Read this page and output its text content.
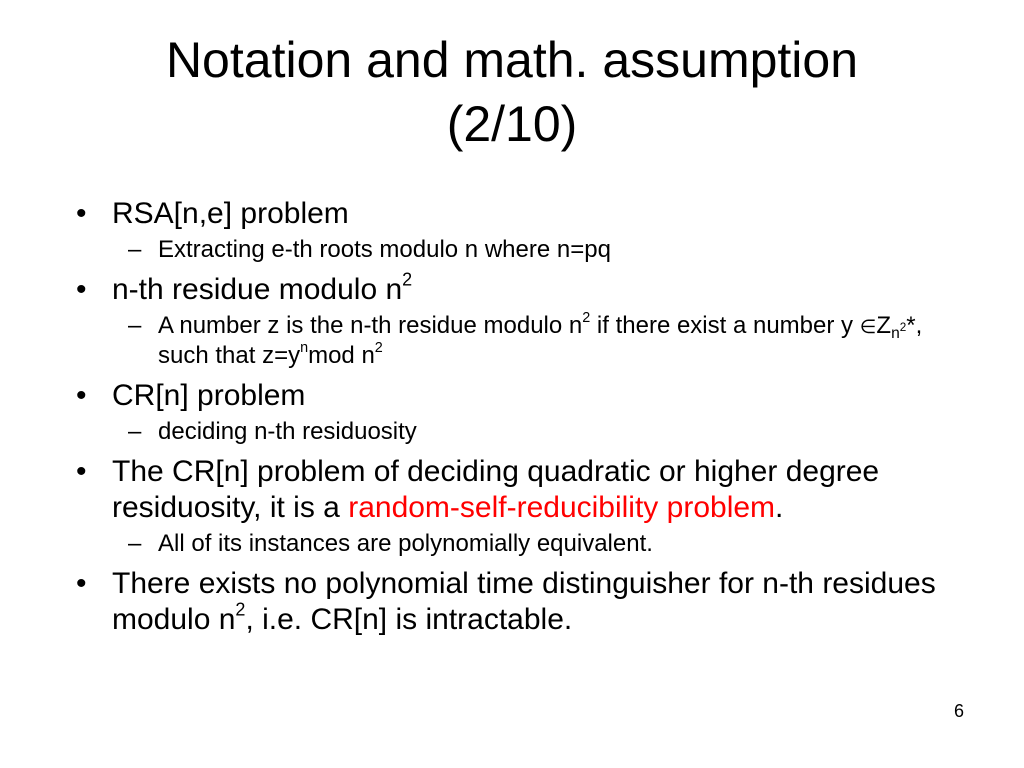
Notation and math. assumption
(2/10)
• RSA[n,e] problem
– Extracting e-th roots modulo n where n=pq
• n-th residue modulo $n^2$
– A number z is the n-th residue modulo $n^2$ if there exist a number y $\in Z_{n^2}*$, such that $z=y^nmod$ $n^2$
• CR[n] problem
– deciding n-th residuosity
• The CR[n] problem of deciding quadratic or higher degree residuosity, it is a random-self-reducibility problem.
– All of its instances are polynomially equivalent.
• There exists no polynomial time distinguisher for n-th residues modulo $n^2$, i.e. CR[n] is intractable.
6
